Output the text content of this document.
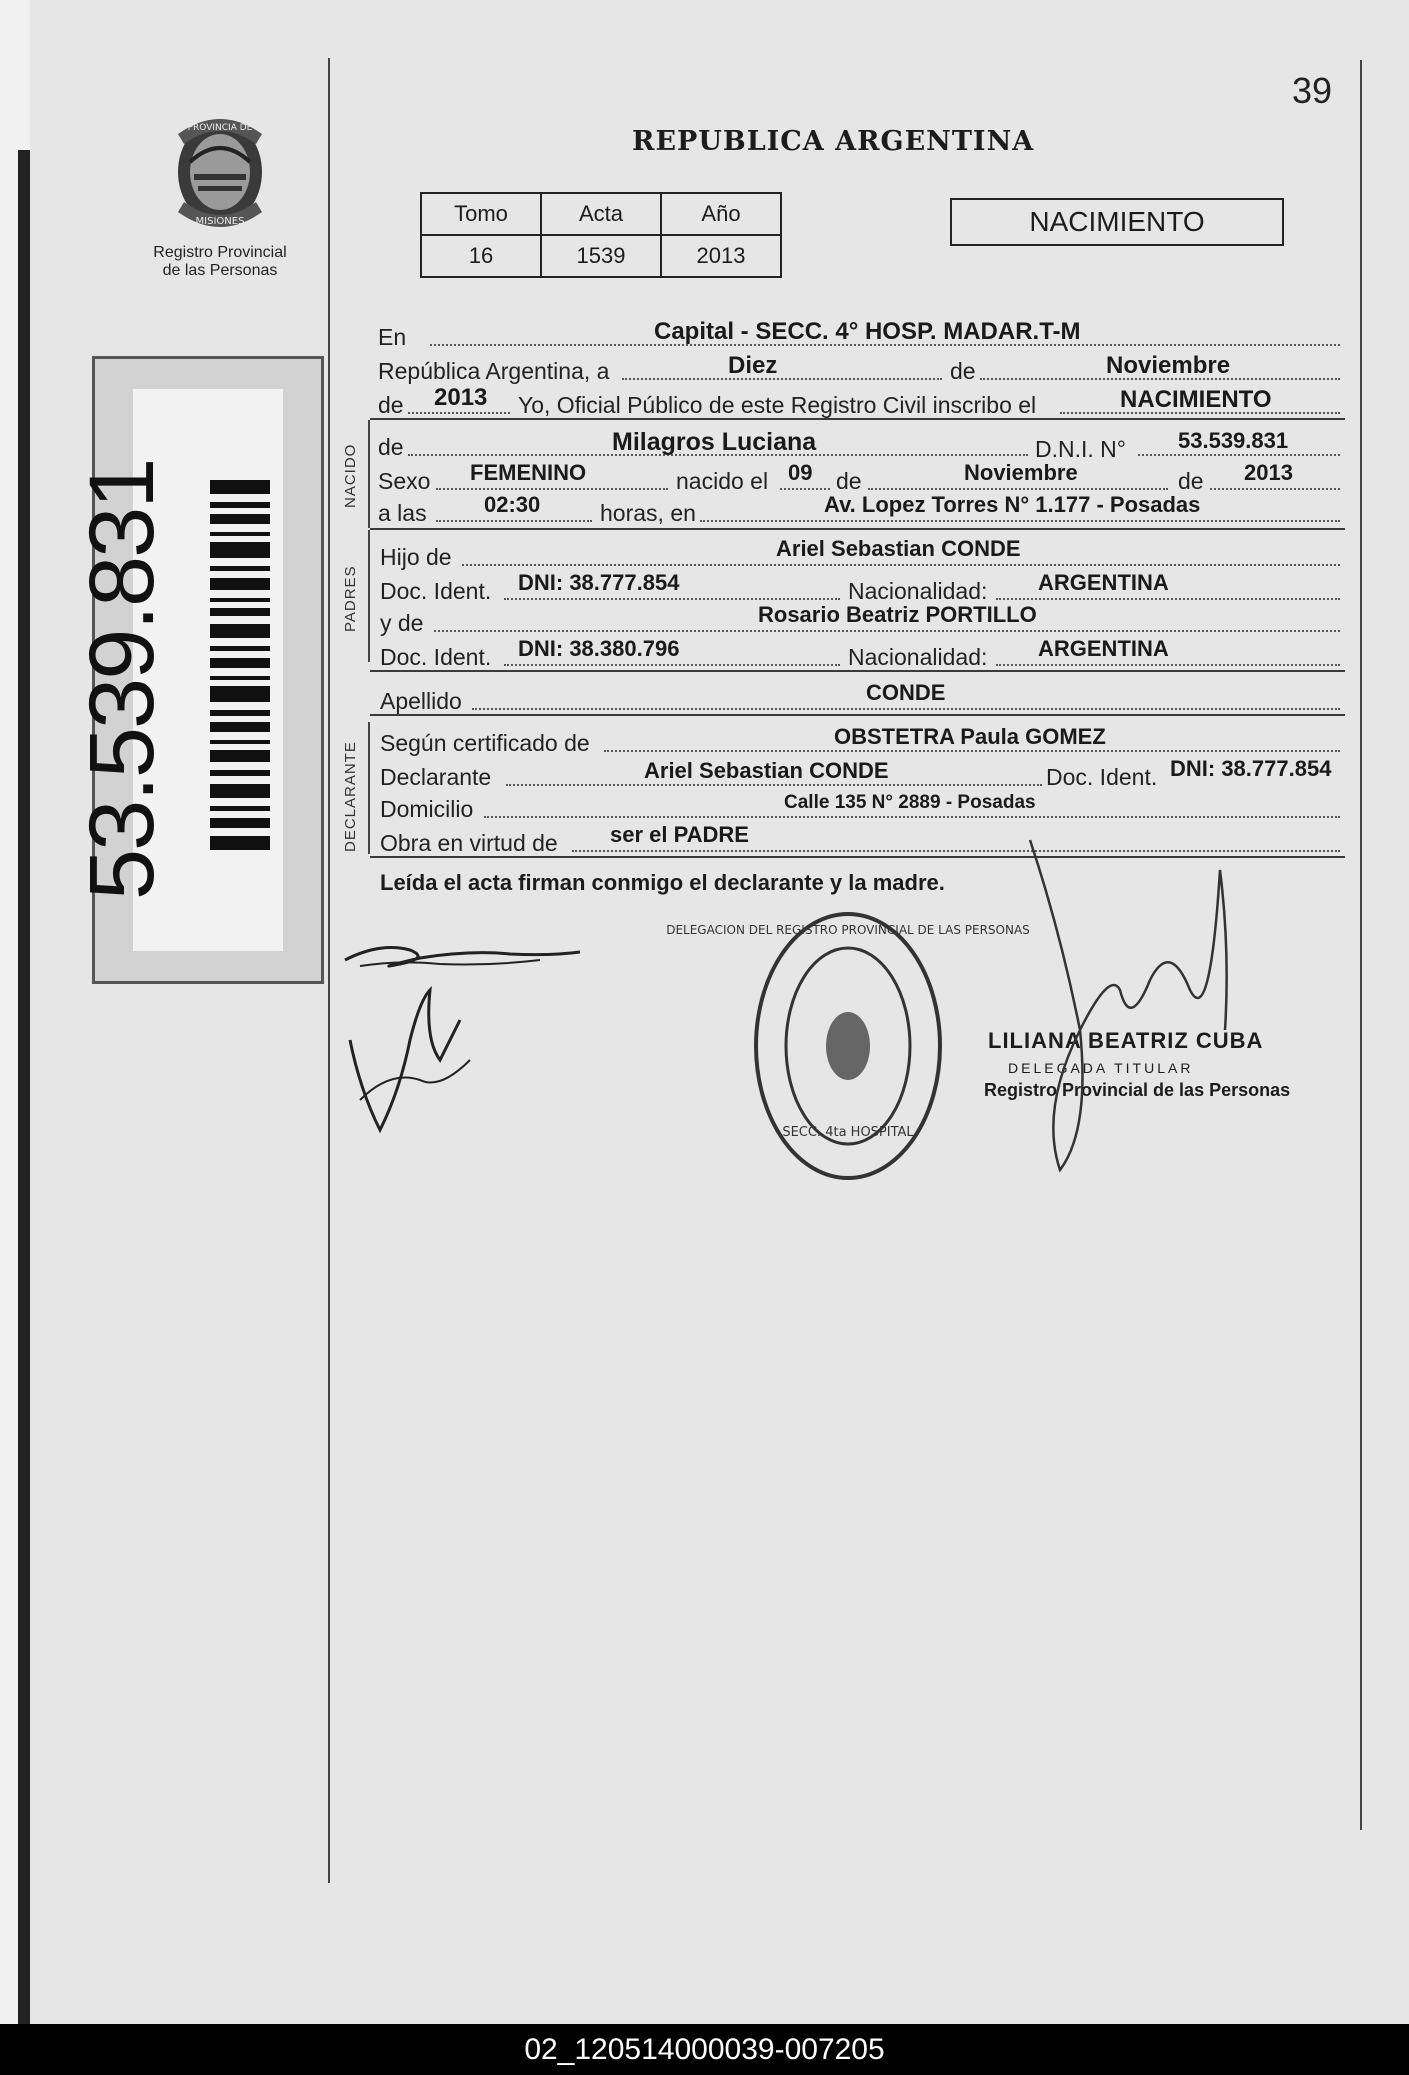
39
PROVINCIA DE
MISIONES
Registro Provincial
de las Personas
53.539.831
REPUBLICA ARGENTINA
Tomo	Acta	Año
16	1539	2013
NACIMIENTO
En	Capital - SECC. 4° HOSP. MADAR.T-M
República Argentina, a	Diez	de	Noviembre
de 2013 Yo, Oficial Público de este Registro Civil inscribo el	NACIMIENTO
NACIDO de	Milagros Luciana	D.N.I. N° 53.539.831
Sexo FEMENINO	nacido el 09 de	Noviembre	de 2013
a las	02:30	horas, en	Av. Lopez Torres N° 1.177 - Posadas
PADRES
Hijo de	Ariel Sebastian CONDE
Doc. Ident. DNI: 38.777.854	Nacionalidad: ARGENTINA
y de	Rosario Beatriz PORTILLO
Doc. Ident. DNI: 38.380.796	Nacionalidad: ARGENTINA
Apellido	CONDE
DECLARANTE Según certificado de	OBSTETRA Paula GOMEZ
Declarante	Ariel Sebastian CONDE	Doc. Ident. DNI: 38.777.854
Domicilio	Calle 135 N° 2889 - Posadas
Obra en virtud de ser el PADRE
Leída el acta firman conmigo el declarante y la madre.
DELEGACION DEL REGISTRO PROVINCIAL DE LAS PERSONAS
SECC. 4ta HOSPITAL
LILIANA BEATRIZ CUBA
DELEGADA TITULAR
Registro Provincial de las Personas
02_120514000039-007205
